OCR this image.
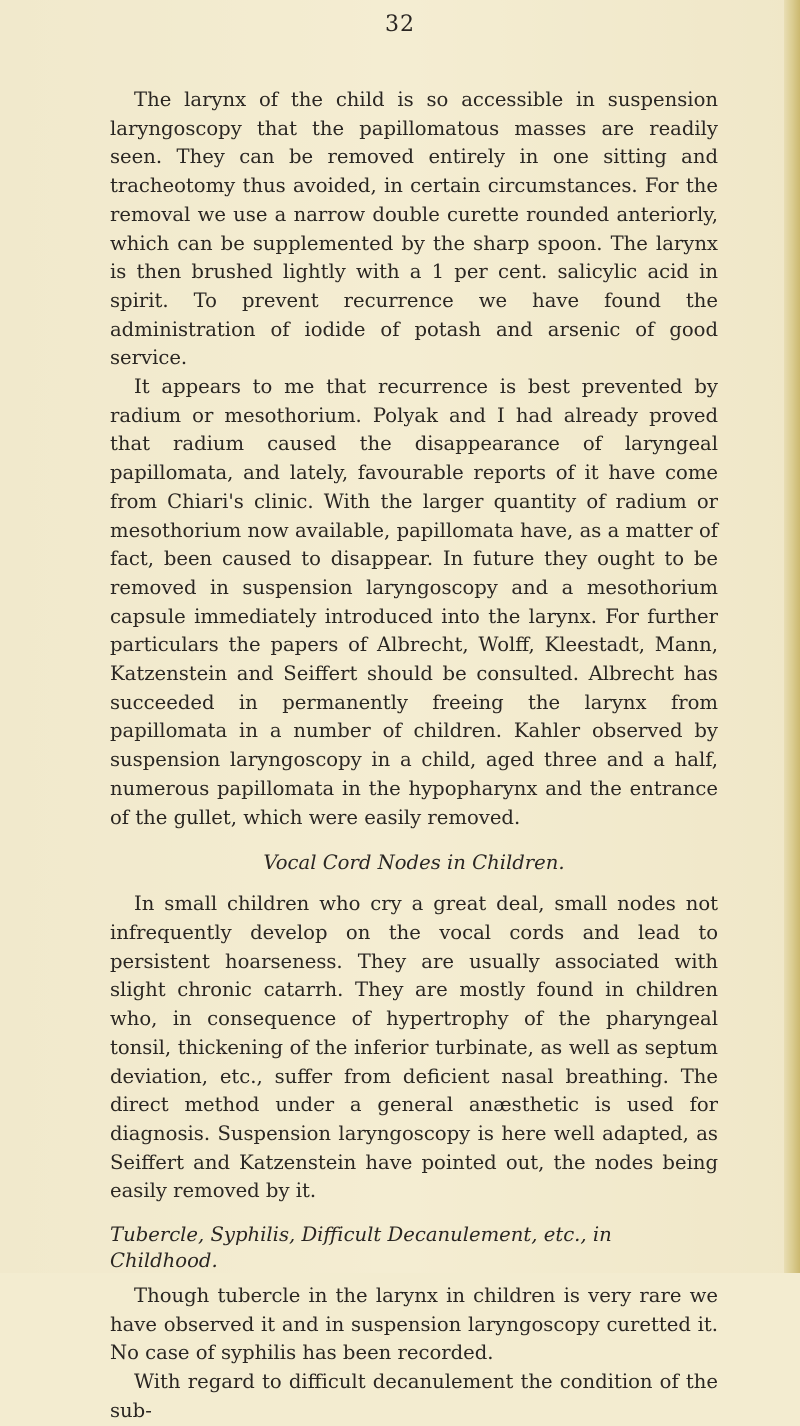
32

The larynx of the child is so accessible in suspension laryngoscopy that the papillomatous masses are readily seen. They can be removed entirely in one sitting and tracheotomy thus avoided, in certain circumstances. For the removal we use a narrow double curette rounded anteriorly, which can be supplemented by the sharp spoon. The larynx is then brushed lightly with a 1 per cent. salicylic acid in spirit. To prevent recurrence we have found the administration of iodide of potash and arsenic of good service.

It appears to me that recurrence is best prevented by radium or mesothorium. Polyak and I had already proved that radium caused the disappearance of laryngeal papillomata, and lately, favourable reports of it have come from Chiari's clinic. With the larger quantity of radium or mesothorium now available, papillomata have, as a matter of fact, been caused to disappear. In future they ought to be removed in suspension laryngoscopy and a mesothorium capsule immediately introduced into the larynx. For further particulars the papers of Albrecht, Wolff, Kleestadt, Mann, Katzenstein and Seiffert should be consulted. Albrecht has succeeded in permanently freeing the larynx from papillomata in a number of children. Kahler observed by suspension laryngoscopy in a child, aged three and a half, numerous papillomata in the hypopharynx and the entrance of the gullet, which were easily removed.

Vocal Cord Nodes in Children.

In small children who cry a great deal, small nodes not infrequently develop on the vocal cords and lead to persistent hoarseness. They are usually associated with slight chronic catarrh. They are mostly found in children who, in consequence of hypertrophy of the pharyngeal tonsil, thickening of the inferior turbinate, as well as septum deviation, etc., suffer from deficient nasal breathing. The direct method under a general anæsthetic is used for diagnosis. Suspension laryngoscopy is here well adapted, as Seiffert and Katzenstein have pointed out, the nodes being easily removed by it.

Tubercle, Syphilis, Difficult Decanulement, etc., in Childhood.

Though tubercle in the larynx in children is very rare we have observed it and in suspension laryngoscopy curetted it. No case of syphilis has been recorded.

With regard to difficult decanulement the condition of the sub-
